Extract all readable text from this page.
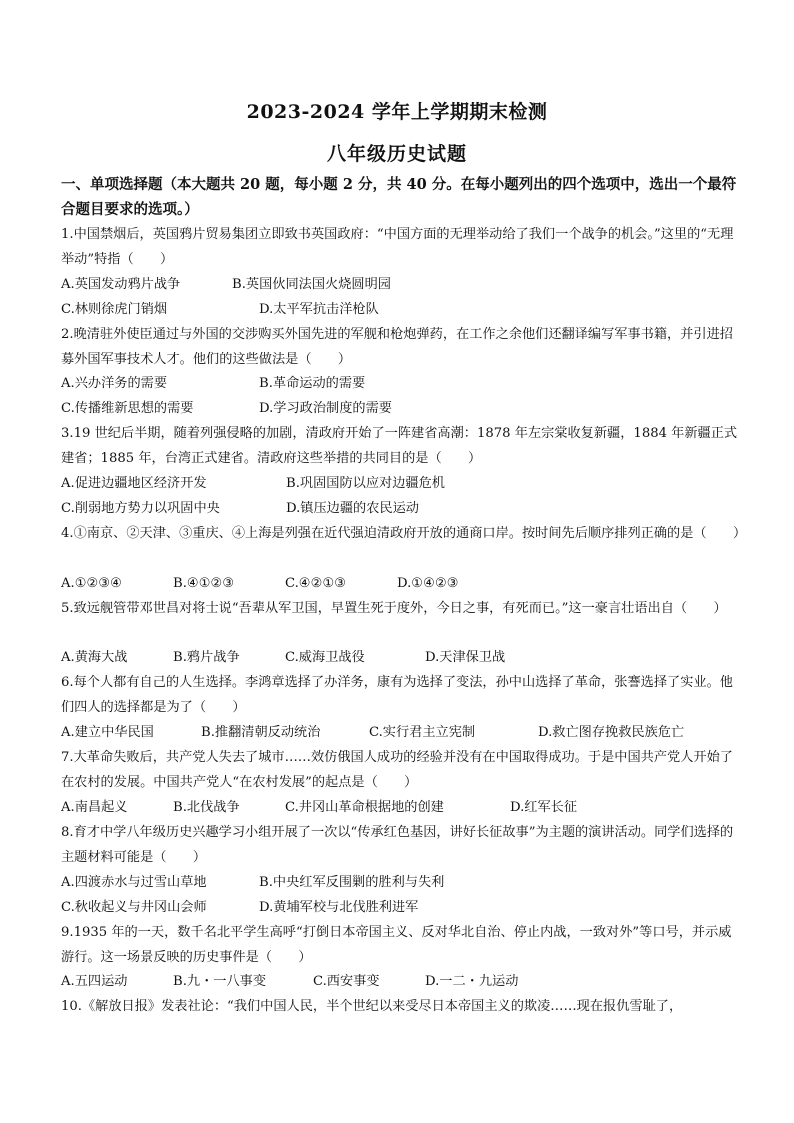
2023-2024 学年上学期期末检测
八年级历史试题
一、单项选择题（本大题共 20 题，每小题 2 分，共 40 分。在每小题列出的四个选项中，选出一个最符合题目要求的选项。）
1.中国禁烟后，英国鸦片贸易集团立即致书英国政府：“中国方面的无理举动给了我们一个战争的机会。”这里的“无理举动”特指（　　）
A.英国发动鸦片战争	B.英国伙同法国火烧圆明园
C.林则徐虎门销烟	D.太平军抗击洋枪队
2.晚清驻外使臣通过与外国的交涉购买外国先进的军舰和枪炮弹药，在工作之余他们还翻译编写军事书籍，并引进招募外国军事技术人才。他们的这些做法是（　　）
A.兴办洋务的需要	B.革命运动的需要
C.传播维新思想的需要	D.学习政治制度的需要
3.19 世纪后半期，随着列强侵略的加剧，清政府开始了一阵建省高潮：1878 年左宗棠收复新疆，1884 年新疆正式建省；1885 年，台湾正式建省。清政府这些举措的共同目的是（　　）
A.促进边疆地区经济开发	B.巩固国防以应对边疆危机
C.削弱地方势力以巩固中央	D.镇压边疆的农民运动
4.①南京、②天津、③重庆、④上海是列强在近代强迫清政府开放的通商口岸。按时间先后顺序排列正确的是（　　）
A.①②③④	B.④①②③	C.④②①③	D.①④②③
5.致远舰管带邓世昌对将士说“吾辈从军卫国，早置生死于度外，今日之事，有死而已。”这一豪言壮语出自（　　）
A.黄海大战	B.鸦片战争	C.威海卫战役	D.天津保卫战
6.每个人都有自己的人生选择。李鸿章选择了办洋务，康有为选择了变法，孙中山选择了革命，张謇选择了实业。他们四人的选择都是为了（　　）
A.建立中华民国	B.推翻清朝反动统治	C.实行君主立宪制	D.救亡图存挽救民族危亡
7.大革命失败后，共产党人失去了城市……效仿俄国人成功的经验并没有在中国取得成功。于是中国共产党人开始了在农村的发展。中国共产党人“在农村发展”的起点是（　　）
A.南昌起义	B.北伐战争	C.井冈山革命根据地的创建	D.红军长征
8.育才中学八年级历史兴趣学习小组开展了一次以“传承红色基因，讲好长征故事”为主题的演讲活动。同学们选择的主题材料可能是（　　）
A.四渡赤水与过雪山草地	B.中央红军反围剿的胜利与失利
C.秋收起义与井冈山会师	D.黄埔军校与北伐胜利进军
9.1935 年的一天，数千名北平学生高呼“打倒日本帝国主义、反对华北自治、停止内战，一致对外”等口号，并示威游行。这一场景反映的历史事件是（　　）
A.五四运动	B.九・一八事变	C.西安事变	D.一二・九运动
10.《解放日报》发表社论：“我们中国人民，半个世纪以来受尽日本帝国主义的欺凌……现在报仇雪耻了，
